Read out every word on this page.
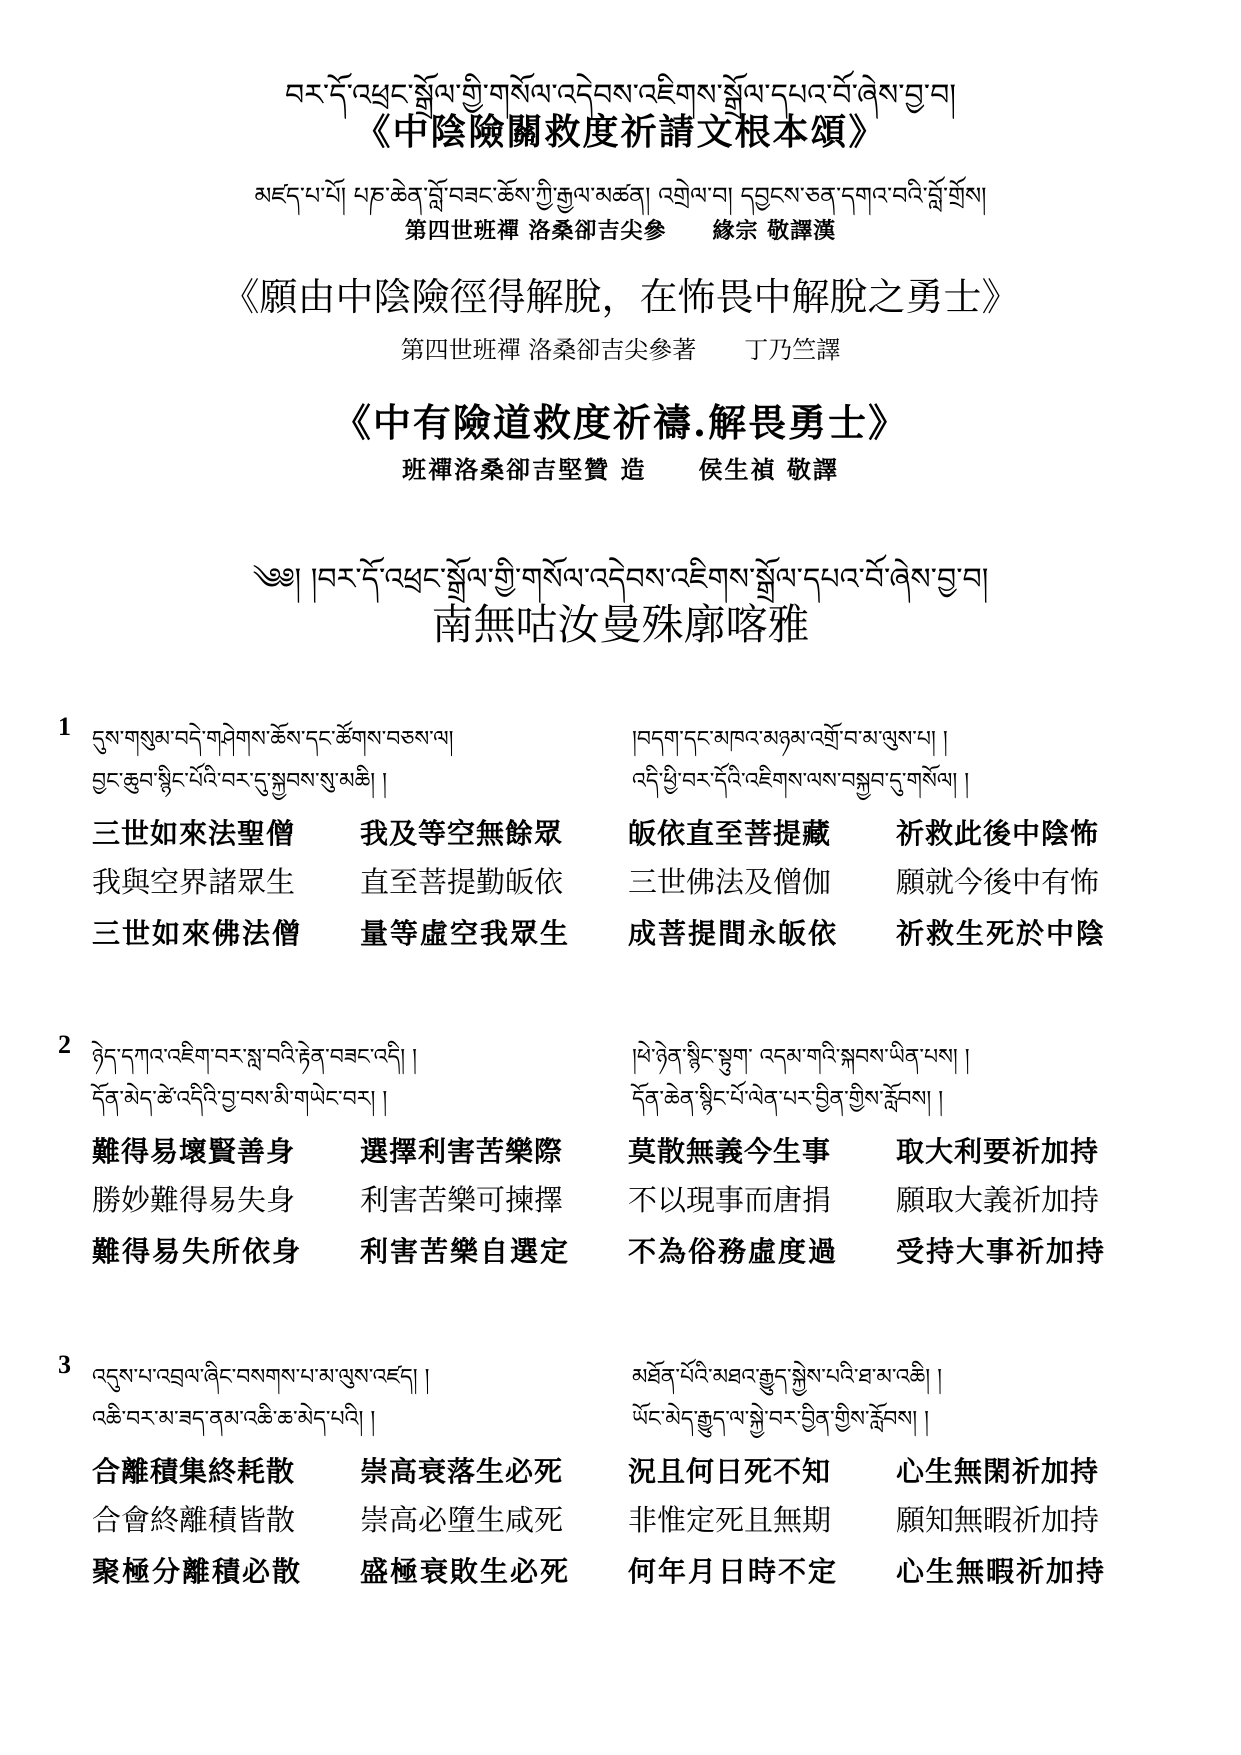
བར་དོ་འཕྲང་སྒྲོལ་གྱི་གསོལ་འདེབས་འཇིགས་སྒྲོལ་དཔའ་བོ་ཞེས་བྱ་བ།
《中陰險關救度祈請文根本頌》
མཛད་པ་པོ། པཎ་ཆེན་བློ་བཟང་ཆོས་ཀྱི་རྒྱལ་མཚན། འགྲེལ་བ། དབྱངས་ཅན་དགའ་བའི་བློ་གྲོས།
第四世班禪 洛桑卻吉尖參　　緣宗 敬譯漢
《願由中陰險徑得解脫，在怖畏中解脫之勇士》
第四世班禪 洛桑卻吉尖參著　　丁乃竺譯
《中有險道救度祈禱.解畏勇士》
班禪洛桑卻吉堅贊 造　　侯生禎 敬譯
༄༅། །བར་དོ་འཕྲང་སྒྲོལ་གྱི་གསོལ་འདེབས་འཇིགས་སྒྲོལ་དཔའ་བོ་ཞེས་བྱ་བ།
南無咕汝曼殊廓喀雅
1 དུས་གསུམ་བདེ་གཤེགས་ཆོས་དང་ཚོགས་བཅས་ལ།	།བདག་དང་མཁའ་མཉམ་འགྲོ་བ་མ་ལུས་པ། །
བྱང་ཆུབ་སྙིང་པོའི་བར་དུ་སྐྱབས་སུ་མཆི། །	འདི་ཕྱི་བར་དོའི་འཇིགས་ལས་བསྐྱབ་དུ་གསོལ། །
三世如來法聖僧	我及等空無餘眾	皈依直至菩提藏	祈救此後中陰怖
我與空界諸眾生	直至菩提勤皈依	三世佛法及僧伽	願就今後中有怖
三世如來佛法僧	量等虛空我眾生	成菩提間永皈依	祈救生死於中陰
2 ཉེད་དཀའ་འཇིག་བར་སླ་བའི་རྟེན་བཟང་འདི། །	།ཕེ་ཉེན་སྙིང་སྟུག་ འདམ་གའི་སྐབས་ཡིན་པས། །
དོན་མེད་ཚེ་འདིའི་བྱ་བས་མི་གཡེང་བར། །	དོན་ཆེན་སྙིང་པོ་ལེན་པར་བྱིན་གྱིས་རློབས། །
難得易壞賢善身	選擇利害苦樂際	莫散無義今生事	取大利要祈加持
勝妙難得易失身	利害苦樂可揀擇	不以現事而唐捐	願取大義祈加持
難得易失所依身	利害苦樂自選定	不為俗務虛度過	受持大事祈加持
3 འདུས་པ་འབྲལ་ཞིང་བསགས་པ་མ་ལུས་འཛད། །	མཐོན་པོའི་མཐའ་རྒྱུད་སྐྱེས་པའི་ཐ་མ་འཆི། །
འཆི་བར་མ་ཟད་ནམ་འཆི་ཆ་མེད་པའི། །	ཡོང་མེད་རྒྱུད་ལ་སྐྱེ་བར་བྱིན་གྱིས་རློབས། །
合離積集終耗散	崇高衰落生必死	況且何日死不知	心生無閑祈加持
合會終離積皆散	崇高必墮生咸死	非惟定死且無期	願知無暇祈加持
聚極分離積必散	盛極衰敗生必死	何年月日時不定	心生無暇祈加持
